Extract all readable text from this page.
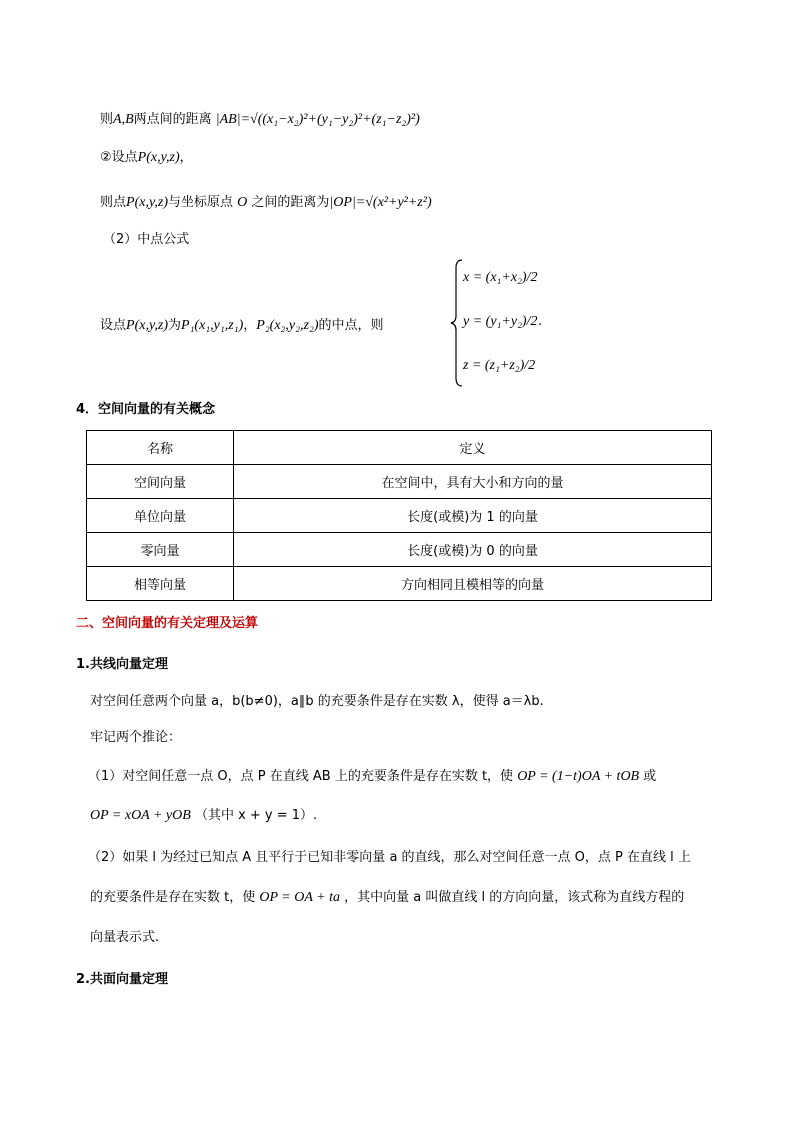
则A,B两点间的距离 |AB|=√((x₁−x₂)²+(y₁−y₂)²+(z₁−z₂)²)
②设点P(x,y,z)，
则点P(x,y,z)与坐标原点 O 之间的距离为|OP|=√(x²+y²+z²)
（2）中点公式
设点P(x,y,z)为P₁(x₁,y₁,z₁)，P₂(x₂,y₂,z₂)的中点，则
x = (x₁+x₂)/2
y = (y₁+y₂)/2
z = (z₁+z₂)/2
.
4．空间向量的有关概念
名称	定义
空间向量	在空间中，具有大小和方向的量
单位向量	长度(或模)为 1 的向量
零向量	长度(或模)为 0 的向量
相等向量	方向相同且模相等的向量
二、空间向量的有关定理及运算
1.共线向量定理
对空间任意两个向量 a，b(b≠0)，a∥b 的充要条件是存在实数 λ，使得 a＝λb.
牢记两个推论：
（1）对空间任意一点 O，点 P 在直线 AB 上的充要条件是存在实数 t，使 OP = (1−t)OA + tOB 或
OP = xOA + yOB （其中 x + y = 1）.
（2）如果 l 为经过已知点 A 且平行于已知非零向量 a 的直线，那么对空间任意一点 O，点 P 在直线 l 上
的充要条件是存在实数 t，使 OP = OA + ta ，其中向量 a 叫做直线 l 的方向向量，该式称为直线方程的
向量表示式.
2.共面向量定理
